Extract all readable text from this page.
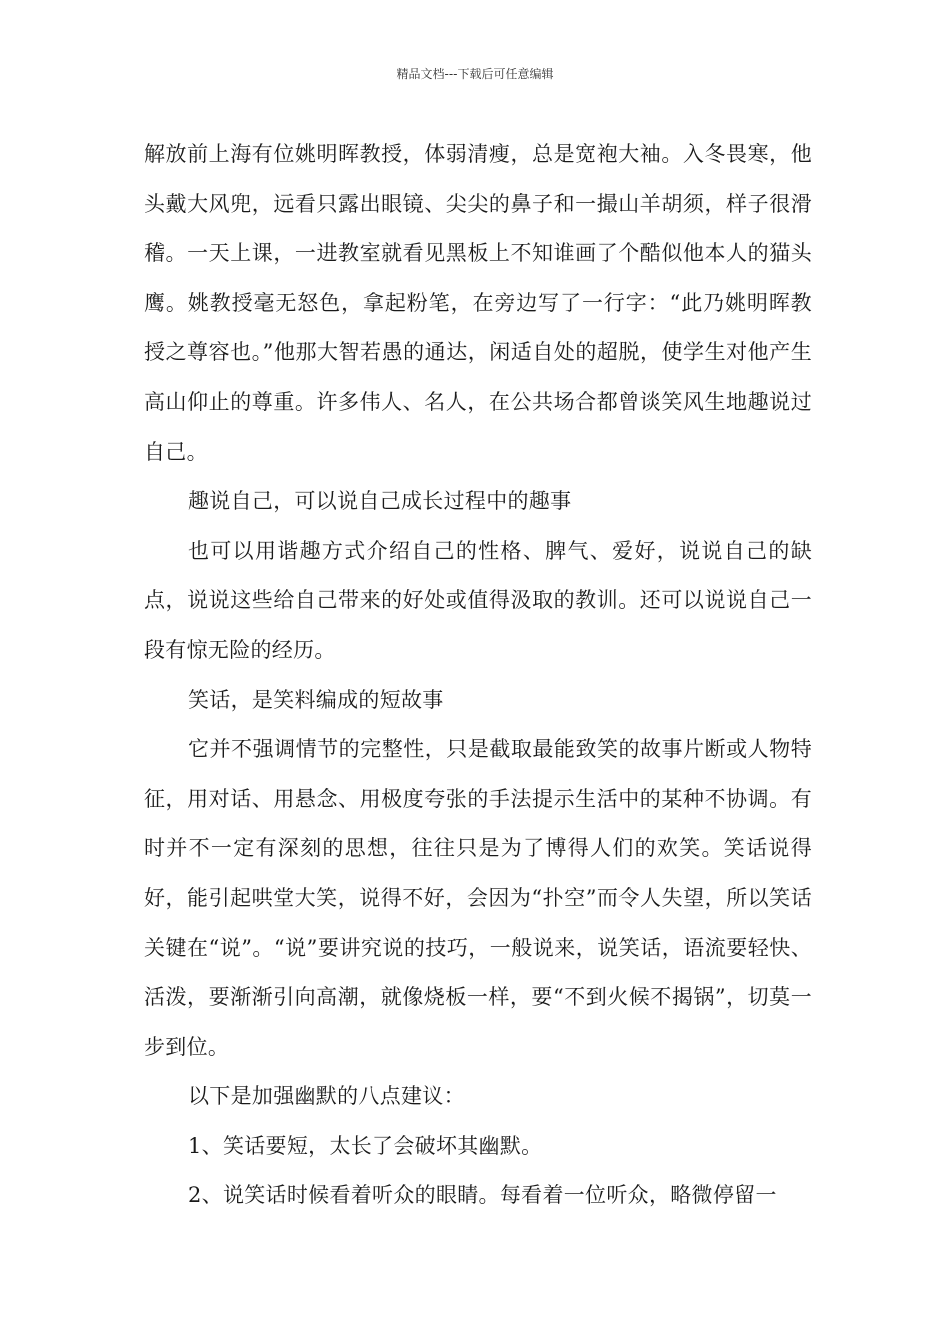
精品文档---下载后可任意编辑

解放前上海有位姚明晖教授，体弱清瘦，总是宽袍大袖。入冬畏寒，他头戴大风兜，远看只露出眼镜、尖尖的鼻子和一撮山羊胡须，样子很滑稽。一天上课，一进教室就看见黑板上不知谁画了个酷似他本人的猫头鹰。姚教授毫无怒色，拿起粉笔，在旁边写了一行字：“此乃姚明晖教授之尊容也。”他那大智若愚的通达，闲适自处的超脱，使学生对他产生高山仰止的尊重。许多伟人、名人，在公共场合都曾谈笑风生地趣说过自己。

趣说自己，可以说自己成长过程中的趣事

也可以用谐趣方式介绍自己的性格、脾气、爱好，说说自己的缺点，说说这些给自己带来的好处或值得汲取的教训。还可以说说自己一段有惊无险的经历。

笑话，是笑料编成的短故事

它并不强调情节的完整性，只是截取最能致笑的故事片断或人物特征，用对话、用悬念、用极度夸张的手法提示生活中的某种不协调。有时并不一定有深刻的思想，往往只是为了博得人们的欢笑。笑话说得好，能引起哄堂大笑，说得不好，会因为“扑空”而令人失望，所以笑话关键在“说”。“说”要讲究说的技巧，一般说来，说笑话，语流要轻快、活泼，要渐渐引向高潮，就像烧板一样，要“不到火候不揭锅”，切莫一步到位。

以下是加强幽默的八点建议：

1、笑话要短，太长了会破坏其幽默。

2、说笑话时候看着听众的眼睛。每看着一位听众，略微停留一
